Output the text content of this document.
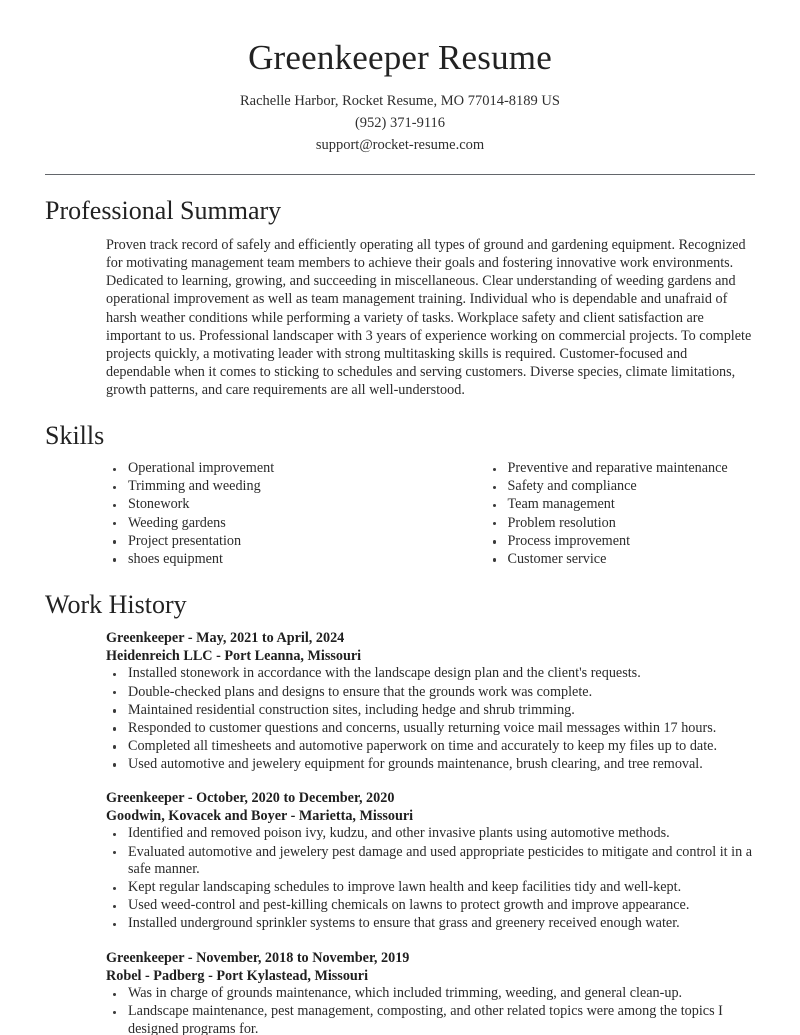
Greenkeeper Resume

Rachelle Harbor, Rocket Resume, MO 77014-8189 US

(952) 371-9116

support@rocket-resume.com

Professional Summary

Proven track record of safely and efficiently operating all types of ground and gardening equipment. Recognized for motivating management team members to achieve their goals and fostering innovative work environments. Dedicated to learning, growing, and succeeding in miscellaneous. Clear understanding of weeding gardens and operational improvement as well as team management training. Individual who is dependable and unafraid of harsh weather conditions while performing a variety of tasks. Workplace safety and client satisfaction are important to us. Professional landscaper with 3 years of experience working on commercial projects. To complete projects quickly, a motivating leader with strong multitasking skills is required. Customer-focused and dependable when it comes to sticking to schedules and serving customers. Diverse species, climate limitations, growth patterns, and care requirements are all well-understood.

Skills
Operational improvement
Trimming and weeding
Stonework
Weeding gardens
Project presentation
shoes equipment
Preventive and reparative maintenance
Safety and compliance
Team management
Problem resolution
Process improvement
Customer service
Work History

Greenkeeper - May, 2021 to April, 2024

Heidenreich LLC - Port Leanna, Missouri

Installed stonework in accordance with the landscape design plan and the client's requests.
Double-checked plans and designs to ensure that the grounds work was complete.
Maintained residential construction sites, including hedge and shrub trimming.
Responded to customer questions and concerns, usually returning voice mail messages within 17 hours.
Completed all timesheets and automotive paperwork on time and accurately to keep my files up to date.
Used automotive and jewelery equipment for grounds maintenance, brush clearing, and tree removal.

Greenkeeper - October, 2020 to December, 2020

Goodwin, Kovacek and Boyer - Marietta, Missouri

Identified and removed poison ivy, kudzu, and other invasive plants using automotive methods.
Evaluated automotive and jewelery pest damage and used appropriate pesticides to mitigate and control it in a safe manner.
Kept regular landscaping schedules to improve lawn health and keep facilities tidy and well-kept.
Used weed-control and pest-killing chemicals on lawns to protect growth and improve appearance.
Installed underground sprinkler systems to ensure that grass and greenery received enough water.

Greenkeeper - November, 2018 to November, 2019

Robel - Padberg - Port Kylastead, Missouri

Was in charge of grounds maintenance, which included trimming, weeding, and general clean-up.
Landscape maintenance, pest management, composting, and other related topics were among the topics I designed programs for.
